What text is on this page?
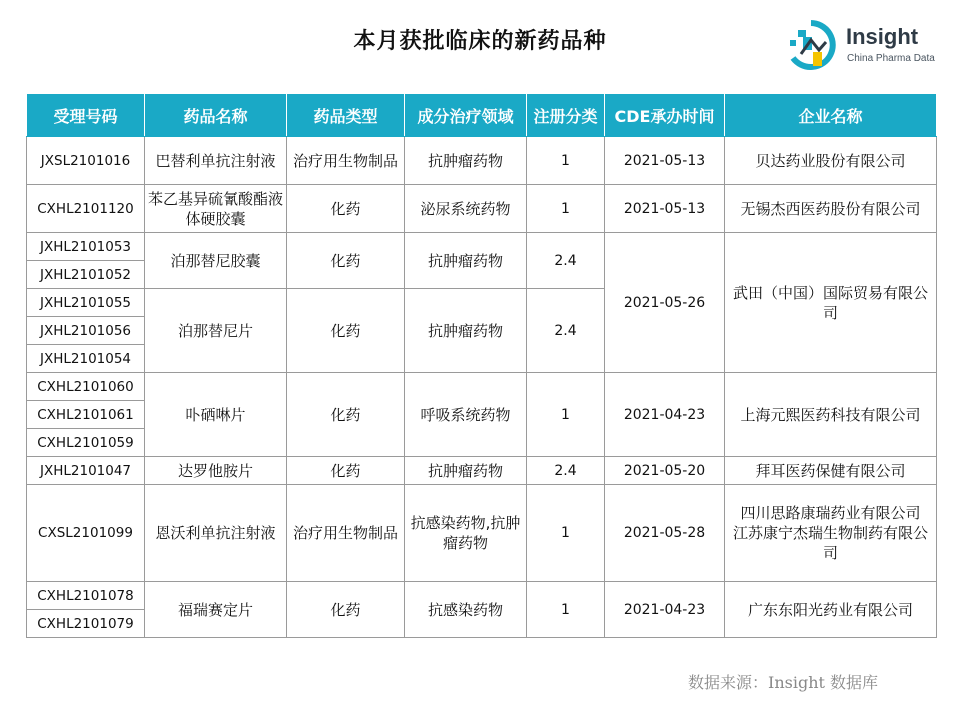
本月获批临床的新药品种	Insight
China Pharma Data
受理号码	药品名称	药品类型	成分治疗领域	注册分类	CDE承办时间	企业名称
JXSL2101016	巴替利单抗注射液	治疗用生物制品	抗肿瘤药物	1	2021-05-13	贝达药业股份有限公司
CXHL2101120	苯乙基异硫氰酸酯液体硬胶囊	化药	泌尿系统药物	1	2021-05-13	无锡杰西医药股份有限公司
JXHL2101053	泊那替尼胶囊	化药	抗肿瘤药物	2.4	2021-05-26	武田（中国）国际贸易有限公司
JXHL2101052						
JXHL2101055	泊那替尼片	化药	抗肿瘤药物	2.4		
JXHL2101056						
JXHL2101054						
CXHL2101060	卟硒啉片	化药	呼吸系统药物	1	2021-04-23	上海元熙医药科技有限公司
CXHL2101061						
CXHL2101059						
JXHL2101047	达罗他胺片	化药	抗肿瘤药物	2.4	2021-05-20	拜耳医药保健有限公司
CXSL2101099	恩沃利单抗注射液	治疗用生物制品	抗感染药物,抗肿瘤药物	1	2021-05-28	四川思路康瑞药业有限公司
江苏康宁杰瑞生物制药有限公司

CXHL2101078	福瑞赛定片	化药	抗感染药物	1	2021-04-23	广东东阳光药业有限公司
CXHL2101079						
数据来源：Insight 数据库
